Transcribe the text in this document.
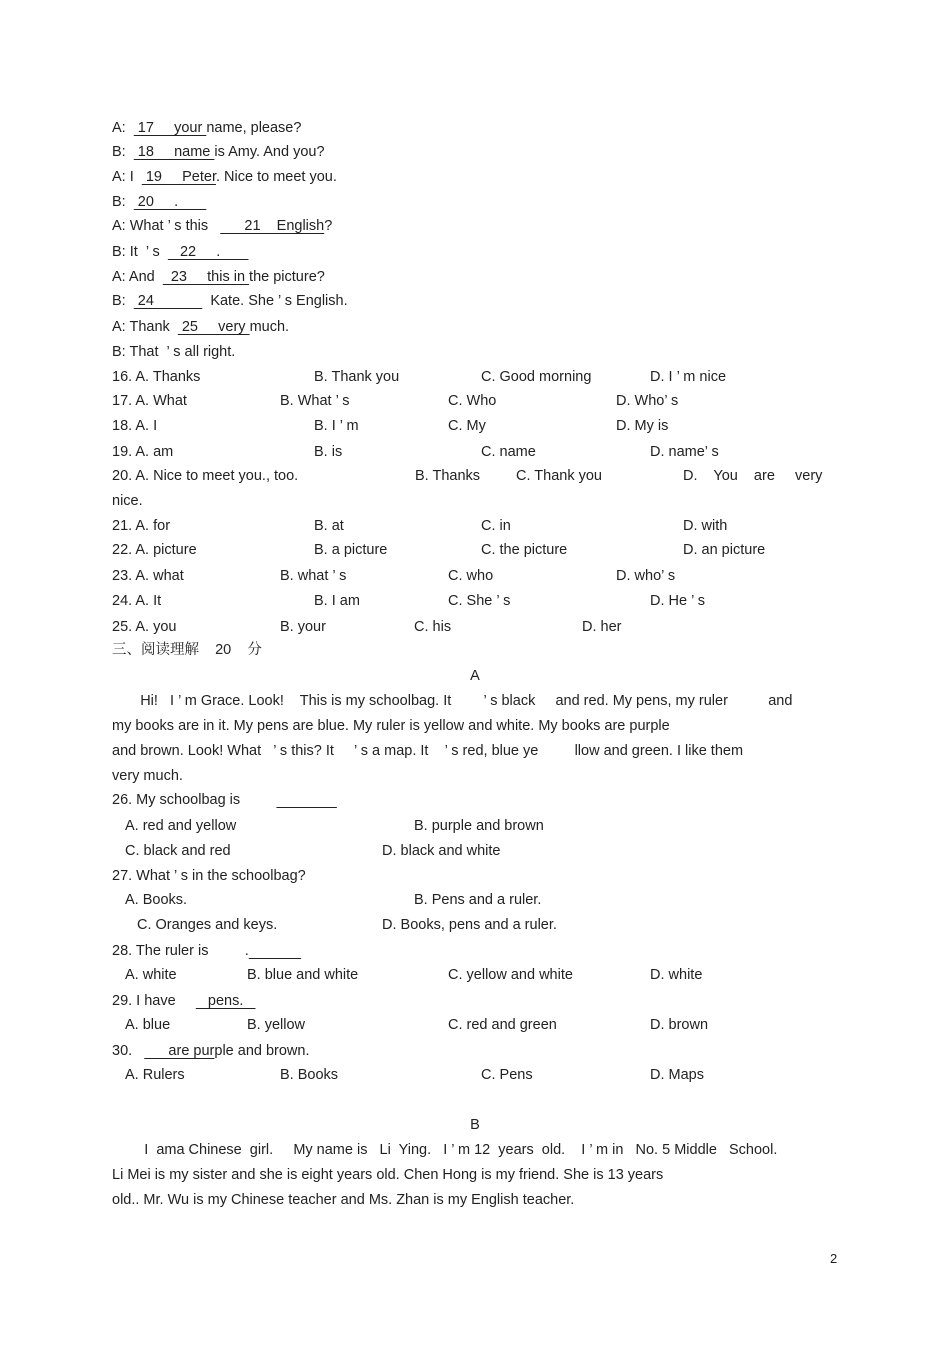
A:   17     your name, please?
B:   18     name is Amy. And you?
A: I   19     Peter. Nice to meet you.
B:   20     .
A: What ’ s this         21    English?
B: It  ’ s     22     .
A: And    23     this in the picture?
B:   24              Kate. She ’ s English.
A: Thank   25     very much.
B: That  ’ s all right.
16. A. Thanks	B. Thank you	C. Good morning	D. I ’ m nice
17. A. What	B. What ’ s	C. Who	D. Who’ s
18. A. I	B. I ’ m	C. My	D. My is
19. A. am	B. is	C. name	D. name’ s
20. A. Nice to meet you., too.	B. Thanks C. Thank you	D.    You    are     very
nice.
21. A. for	B. at	C. in	D. with
22. A. picture	B. a picture	C. the picture	D. an picture
23. A. what	B. what ’ s	C. who	D. who’ s
24. A. It	B. I am	C. She ’ s	D. He ’ s
25. A. you	B. your	C. his	D. her
三、阅读理解    20    分
A
Hi!   I ’ m Grace. Look!    This is my schoolbag. It        ’ s black     and red. My pens, my ruler          and
my books are in it. My pens are blue. My ruler is yellow and white. My books are purple
and brown. Look! What   ’ s this? It     ’ s a map. It    ’ s red, blue ye         llow and green. I like them
very much.
26. My schoolbag is
A. red and yellow	B. purple and brown
C. black and red	D. black and white
27. What ’ s in the schoolbag?
A. Books.	B. Pens and a ruler.
C. Oranges and keys.	D. Books, pens and a ruler.
28. The ruler is         .
A. white	B. blue and white	C. yellow and white	D. white
29. I have        pens.
A. blue	B. yellow	C. red and green	D. brown
30.         are purple and brown.
A. Rulers	B. Books	C. Pens	D. Maps
B
I  ama Chinese  girl.     My name is   Li  Ying.   I ’ m 12  years  old.    I ’ m in   No. 5 Middle   School.
Li Mei is my sister and she is eight years old. Chen Hong is my friend. She is 13 years
old.. Mr. Wu is my Chinese teacher and Ms. Zhan is my English teacher.
2
